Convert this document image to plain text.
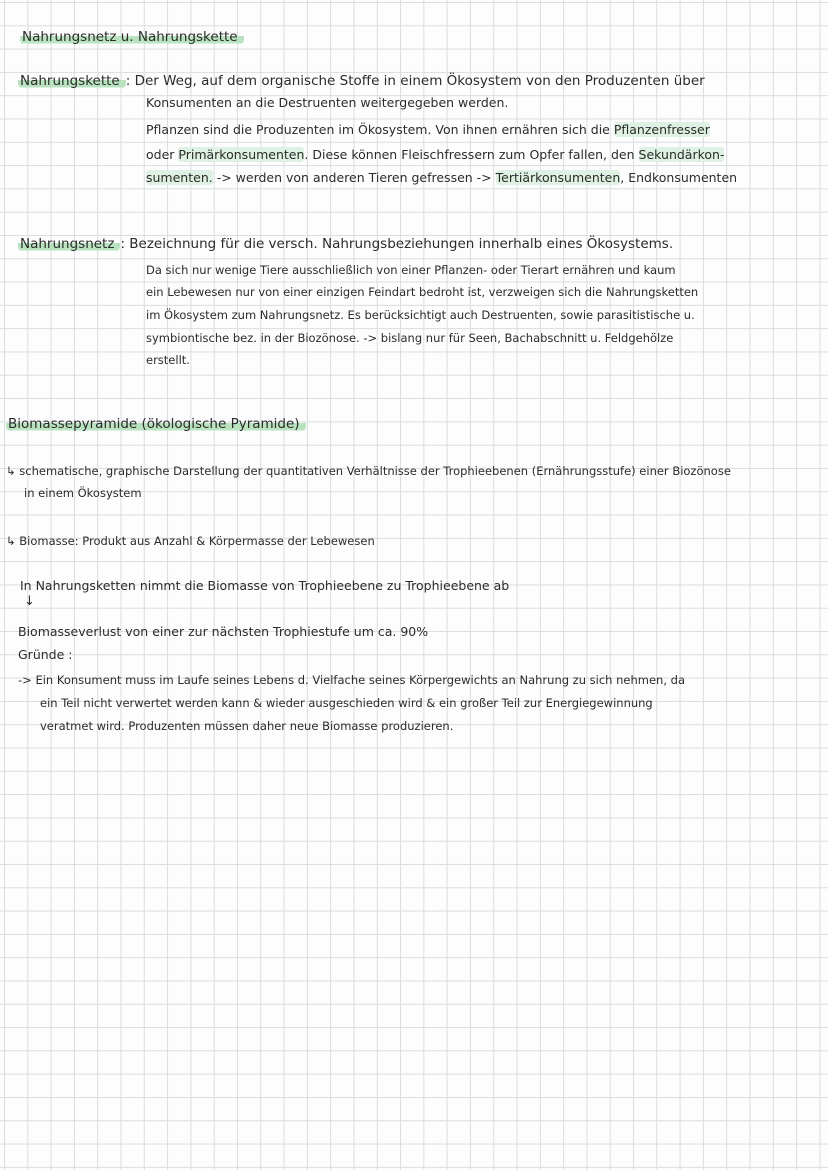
Nahrungsnetz u. Nahrungskette
Nahrungskette : Der Weg, auf dem organische Stoffe in einem Ökosystem von den Produzenten über
Konsumenten an die Destruenten weitergegeben werden.
Pflanzen sind die Produzenten im Ökosystem. Von ihnen ernähren sich die Pflanzenfresser
oder Primärkonsumenten. Diese können Fleischfressern zum Opfer fallen, den Sekundärkon-
sumenten. -> werden von anderen Tieren gefressen -> Tertiärkonsumenten, Endkonsumenten
Nahrungsnetz : Bezeichnung für die versch. Nahrungsbeziehungen innerhalb eines Ökosystems.
Da sich nur wenige Tiere ausschließlich von einer Pflanzen- oder Tierart ernähren und kaum
ein Lebewesen nur von einer einzigen Feindart bedroht ist, verzweigen sich die Nahrungsketten
im Ökosystem zum Nahrungsnetz. Es berücksichtigt auch Destruenten, sowie parasitistische u.
symbiontische bez. in der Biozönose. -> bislang nur für Seen, Bachabschnitt u. Feldgehölze
erstellt.
Biomassepyramide (ökologische Pyramide)
↳ schematische, graphische Darstellung der quantitativen Verhältnisse der Trophieebenen (Ernährungsstufe) einer Biozönose
in einem Ökosystem
↳ Biomasse: Produkt aus Anzahl & Körpermasse der Lebewesen
In Nahrungsketten nimmt die Biomasse von Trophieebene zu Trophieebene ab
↓
Biomasseverlust von einer zur nächsten Trophiestufe um ca. 90%
Gründe :
-> Ein Konsument muss im Laufe seines Lebens d. Vielfache seines Körpergewichts an Nahrung zu sich nehmen, da
ein Teil nicht verwertet werden kann & wieder ausgeschieden wird & ein großer Teil zur Energiegewinnung
veratmet wird. Produzenten müssen daher neue Biomasse produzieren.
